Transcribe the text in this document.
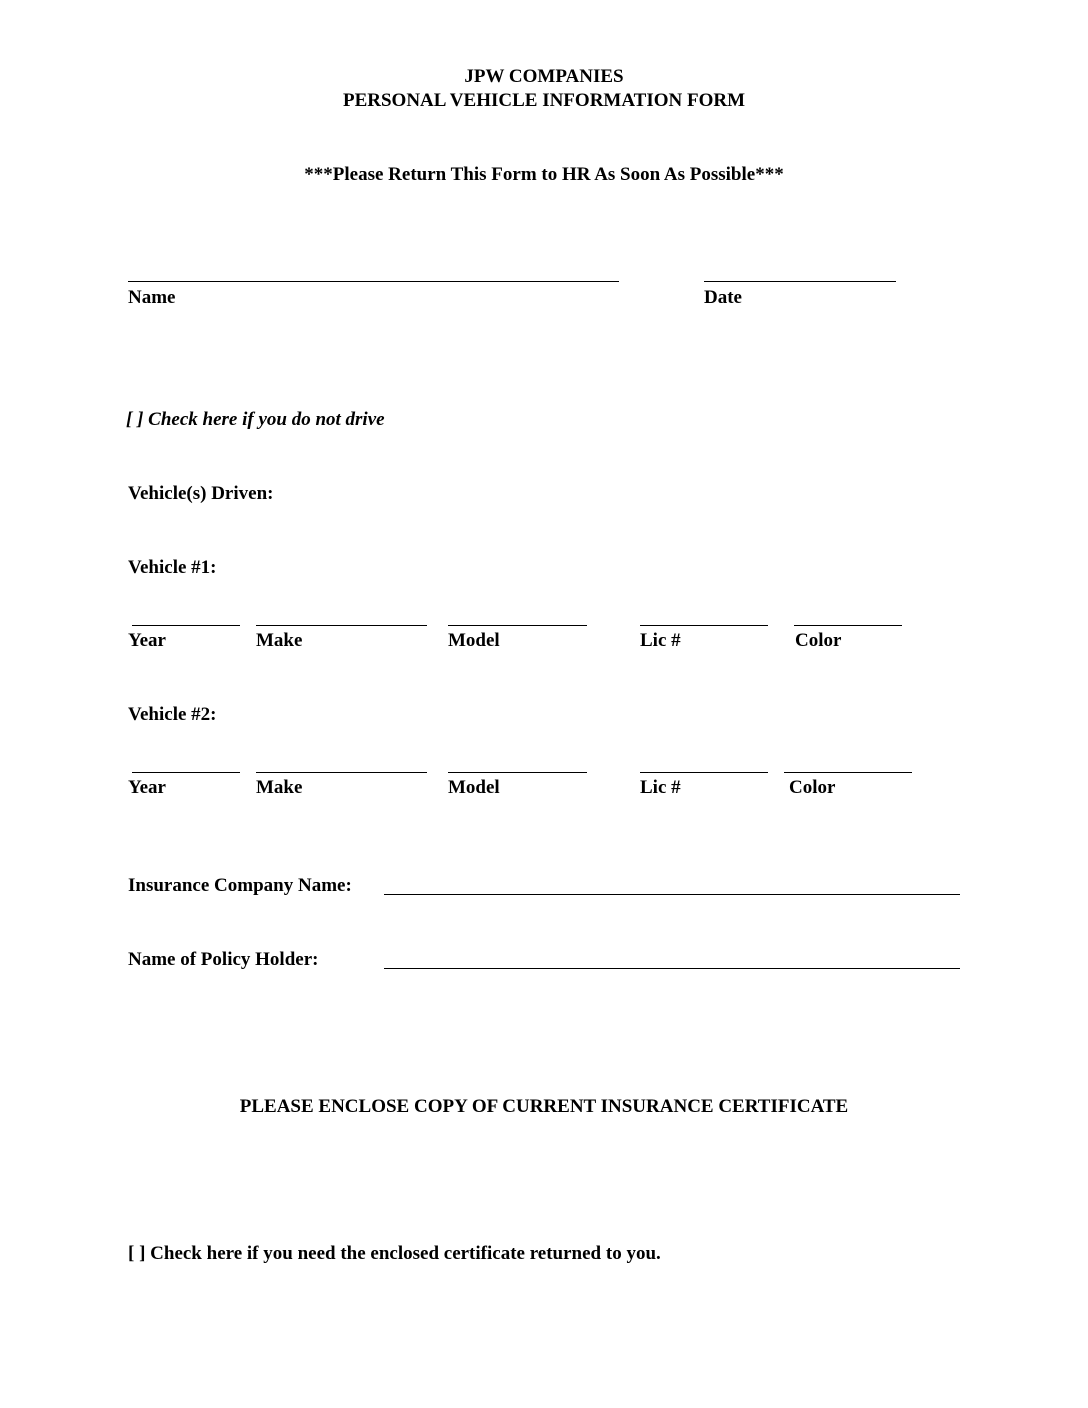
JPW COMPANIES
PERSONAL VEHICLE INFORMATION FORM
***Please Return This Form to HR As Soon As Possible***
Name	Date
[ ] Check here if you do not drive
Vehicle(s) Driven:
Vehicle #1:
Year	Make	Model	Lic #	Color
Vehicle #2:
Year	Make	Model	Lic #	Color
Insurance Company Name:
Name of Policy Holder:
PLEASE ENCLOSE COPY OF CURRENT INSURANCE CERTIFICATE
[ ] Check here if you need the enclosed certificate returned to you.
